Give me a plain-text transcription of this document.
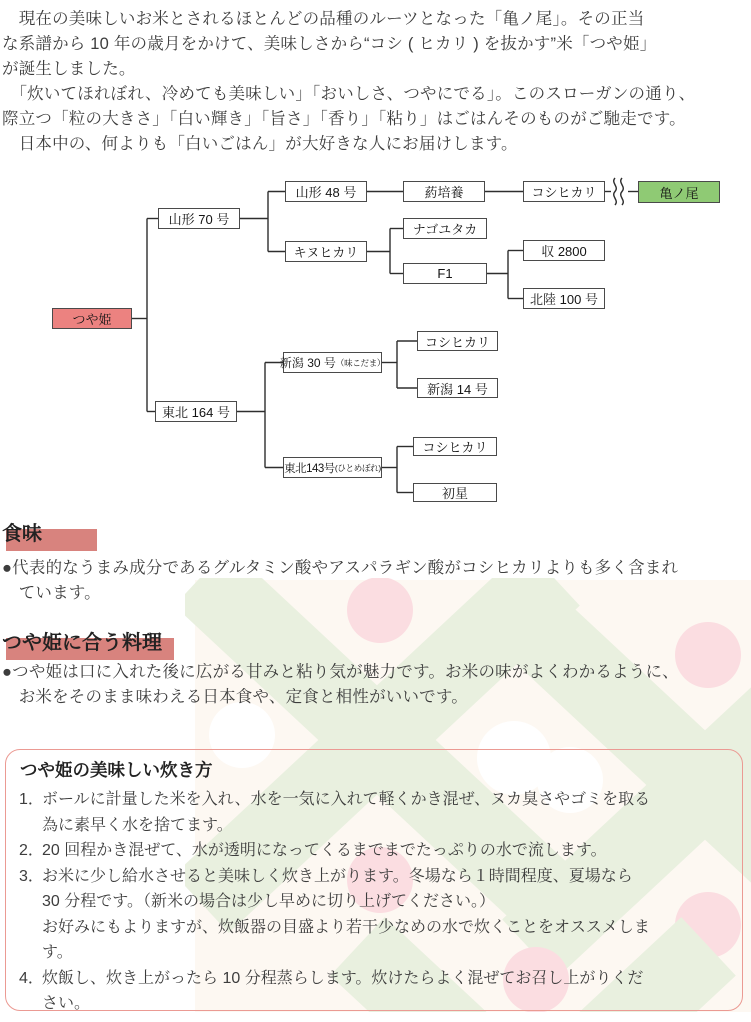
　現在の美味しいお米とされるほとんどの品種のルーツとなった「亀ノ尾」。その正当
な系譜から 10 年の歳月をかけて、美味しさから“コシ ( ヒカリ ) を抜かす”米「つや姫」
が誕生しました。
　「炊いてほれぼれ、冷めても美味しい」「おいしさ、つやにでる」。このスローガンの通り、
際立つ「粒の大きさ」「白い輝き」「旨さ」「香り」「粘り」はごはんそのものがご馳走です。
　日本中の、何よりも「白いごはん」が大好きな人にお届けします。
つや姫
山形 70 号
山形 48 号	葯培養	コシヒカリ	亀ノ尾
ナゴユタカ
キヌヒカリ
F1
収 2800
北陸 100 号
東北 164 号
新潟 30 号 （味こだま）
コシヒカリ
新潟 14 号
東北143号 (ひとめぼれ)
コシヒカリ
初星
食味
●代表的なうまみ成分であるグルタミン酸やアスパラギン酸がコシヒカリよりも多く含まれ
　ています。
つや姫に合う料理
●つや姫は口に入れた後に広がる甘みと粘り気が魅力です。お米の味がよくわかるように、
　お米をそのまま味わえる日本食や、定食と相性がいいです。
つや姫の美味しい炊き方
1．
ボールに計量した米を入れ、水を一気に入れて軽くかき混ぜ、ヌカ臭さやゴミを取る
為に素早く水を捨てます。
2．
20 回程かき混ぜて、水が透明になってくるまでまでたっぷりの水で流します。
3．
お米に少し給水させると美味しく炊き上がります。冬場なら１時間程度、夏場なら
30 分程です。（新米の場合は少し早めに切り上げてください。）
お好みにもよりますが、炊飯器の目盛より若干少なめの水で炊くことをオススメしま
す。
4．
炊飯し、炊き上がったら 10 分程蒸らします。炊けたらよく混ぜてお召し上がりくだ
さい。
